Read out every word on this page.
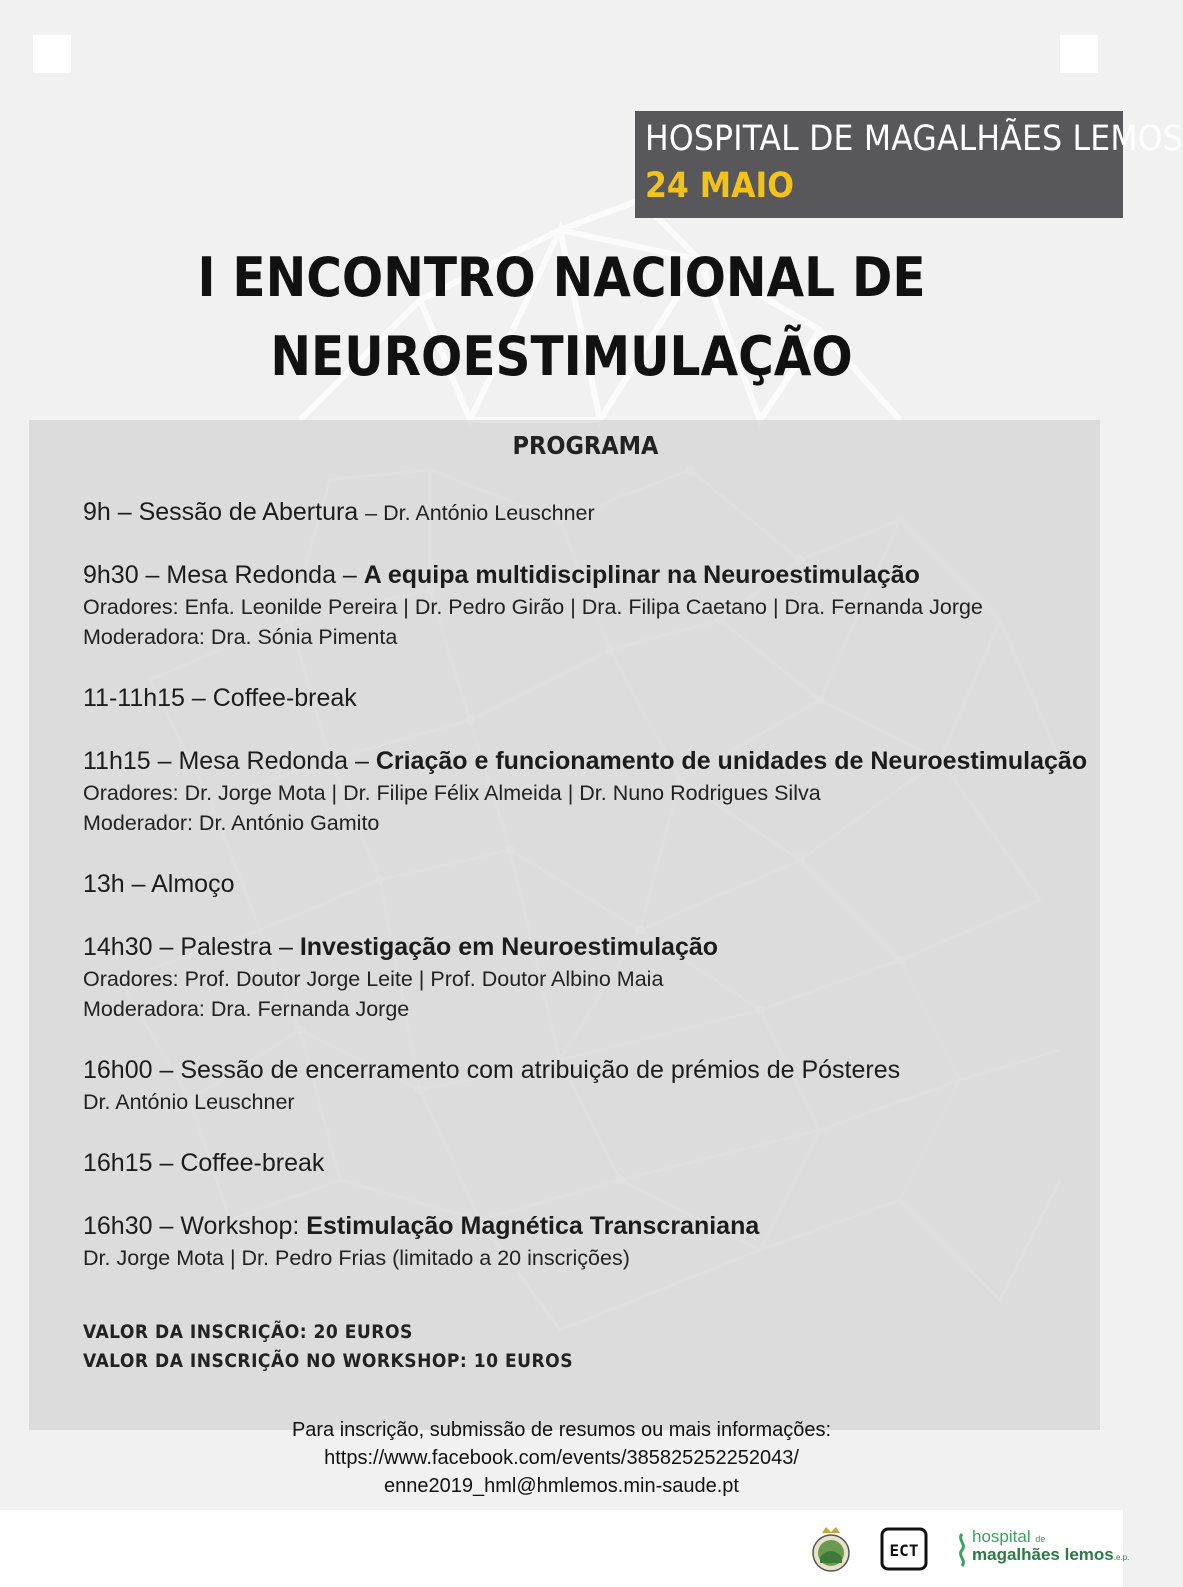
HOSPITAL DE MAGALHÃES LEMOS
24 MAIO
I ENCONTRO NACIONAL DE
NEUROESTIMULAÇÃO
PROGRAMA
9h – Sessão de Abertura – Dr. António Leuschner
9h30 – Mesa Redonda – A equipa multidisciplinar na Neuroestimulação
Oradores: Enfa. Leonilde Pereira | Dr. Pedro Girão | Dra. Filipa Caetano | Dra. Fernanda Jorge
Moderadora: Dra. Sónia Pimenta
11-11h15 – Coffee-break
11h15 – Mesa Redonda – Criação e funcionamento de unidades de Neuroestimulação
Oradores: Dr. Jorge Mota | Dr. Filipe Félix Almeida | Dr. Nuno Rodrigues Silva
Moderador: Dr. António Gamito
13h – Almoço
14h30 – Palestra – Investigação em Neuroestimulação
Oradores: Prof. Doutor Jorge Leite | Prof. Doutor Albino Maia
Moderadora: Dra. Fernanda Jorge
16h00 – Sessão de encerramento com atribuição de prémios de Pósteres
Dr. António Leuschner
16h15 – Coffee-break
16h30 – Workshop: Estimulação Magnética Transcraniana
Dr. Jorge Mota | Dr. Pedro Frias (limitado a 20 inscrições)
VALOR DA INSCRIÇÃO: 20 EUROS
VALOR DA INSCRIÇÃO NO WORKSHOP: 10 EUROS
Para inscrição, submissão de resumos ou mais informações:
https://www.facebook.com/events/385825252252043/
enne2019_hml@hmlemos.min-saude.pt
ECT
hospital de
magalhães lemos.e.p.
